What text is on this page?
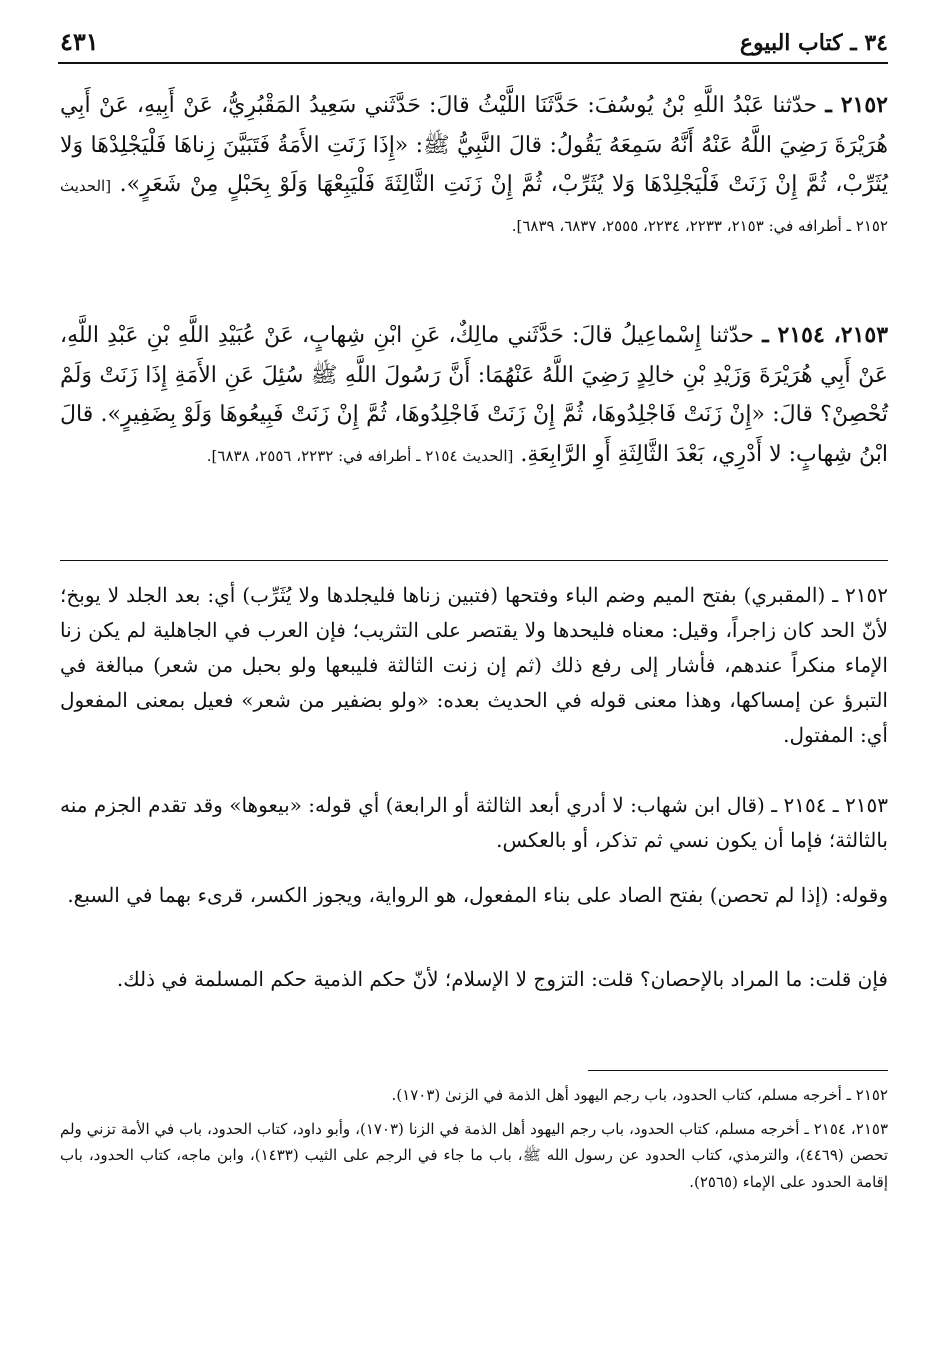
٣٤ ـ كتاب البيوع
٤٣١
٢١٥٢ ـ حدّثنا عَبْدُ اللَّهِ بْنُ يُوسُفَ: حَدَّثَنَا اللَّيْثُ قالَ: حَدَّثَني سَعِيدُ المَقْبُرِيُّ، عَنْ أَبِيهِ، عَنْ أَبِي هُرَيْرَةَ رَضِيَ اللَّهُ عَنْهُ أَنَّهُ سَمِعَهُ يَقُولُ: قالَ النَّبِيُّ ﷺ: «إِذَا زَنَتِ الأَمَةُ فَتَبَيَّنَ زِناهَا فَلْيَجْلِدْهَا وَلا يُثَرِّبْ، ثُمَّ إِنْ زَنَتْ فَلْيَجْلِدْهَا وَلا يُثَرِّبْ، ثُمَّ إِنْ زَنَتِ الثَّالِثَةَ فَلْيَبِعْهَا وَلَوْ بِحَبْلٍ مِنْ شَعَرٍ». [الحديث ٢١٥٢ ـ أطرافه في: ٢١٥٣، ٢٢٣٣، ٢٢٣٤، ٢٥٥٥، ٦٨٣٧، ٦٨٣٩].
٢١٥٣، ٢١٥٤ ـ حدّثنا إِسْماعِيلُ قالَ: حَدَّثَني مالِكٌ، عَنِ ابْنِ شِهابٍ، عَنْ عُبَيْدِ اللَّهِ بْنِ عَبْدِ اللَّهِ، عَنْ أَبِي هُرَيْرَةَ وَزَيْدِ بْنِ خالِدٍ رَضِيَ اللَّهُ عَنْهُمَا: أَنَّ رَسُولَ اللَّهِ ﷺ سُئِلَ عَنِ الأَمَةِ إِذَا زَنَتْ وَلَمْ تُحْصِنْ؟ قالَ: «إِنْ زَنَتْ فَاجْلِدُوهَا، ثُمَّ إِنْ زَنَتْ فَاجْلِدُوهَا، ثُمَّ إِنْ زَنَتْ فَبِيعُوهَا وَلَوْ بِضَفِيرٍ». قالَ ابْنُ شِهابٍ: لا أَدْرِي، بَعْدَ الثَّالِثَةِ أَوِ الرَّابِعَةِ. [الحديث ٢١٥٤ ـ أطرافه في: ٢٢٣٢، ٢٥٥٦، ٦٨٣٨].
٢١٥٢ ـ (المقبري) بفتح الميم وضم الباء وفتحها (فتبين زناها فليجلدها ولا يُثَرِّب) أي: بعد الجلد لا يوبخ؛ لأنّ الحد كان زاجراً، وقيل: معناه فليحدها ولا يقتصر على التثريب؛ فإن العرب في الجاهلية لم يكن زنا الإماء منكراً عندهم، فأشار إلى رفع ذلك (ثم إن زنت الثالثة فليبعها ولو بحبل من شعر) مبالغة في التبرؤ عن إمساكها، وهذا معنى قوله في الحديث بعده: «ولو بضفير من شعر» فعيل بمعنى المفعول أي: المفتول.
٢١٥٣ ـ ٢١٥٤ ـ (قال ابن شهاب: لا أدري أبعد الثالثة أو الرابعة) أي قوله: «بيعوها» وقد تقدم الجزم منه بالثالثة؛ فإما أن يكون نسي ثم تذكر، أو بالعكس.
وقوله: (إذا لم تحصن) بفتح الصاد على بناء المفعول، هو الرواية، ويجوز الكسر، قرىء بهما في السبع.
فإن قلت: ما المراد بالإحصان؟ قلت: التزوج لا الإسلام؛ لأنّ حكم الذمية حكم المسلمة في ذلك.
٢١٥٢ ـ أخرجه مسلم، كتاب الحدود، باب رجم اليهود أهل الذمة في الزنىٰ (١٧٠٣).
٢١٥٣، ٢١٥٤ ـ أخرجه مسلم، كتاب الحدود، باب رجم اليهود أهل الذمة في الزنا (١٧٠٣)، وأبو داود، كتاب الحدود، باب في الأمة تزني ولم تحصن (٤٤٦٩)، والترمذي، كتاب الحدود عن رسول الله ﷺ، باب ما جاء في الرجم على الثيب (١٤٣٣)، وابن ماجه، كتاب الحدود، باب إقامة الحدود على الإماء (٢٥٦٥).
